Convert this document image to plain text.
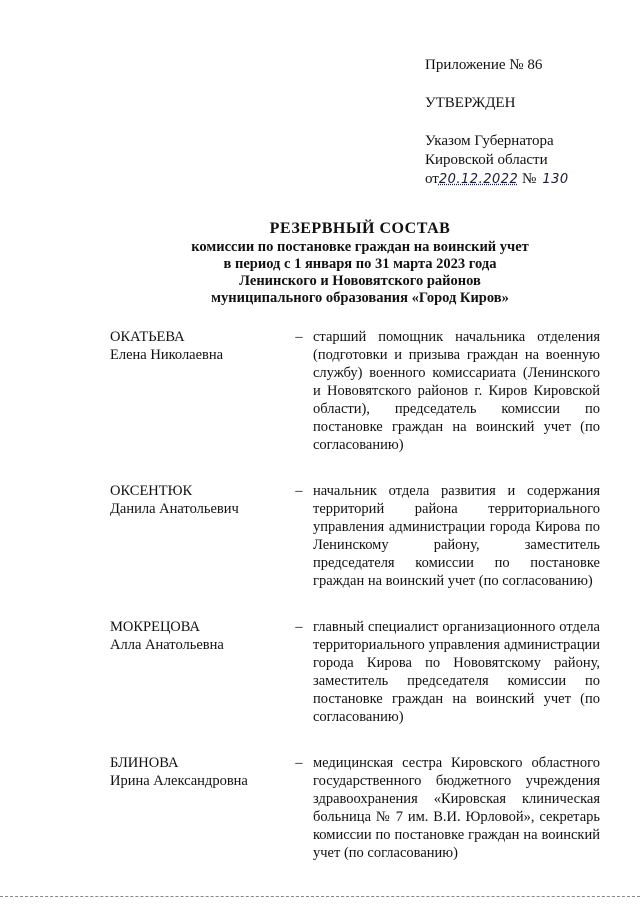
Приложение № 86
УТВЕРЖДЕН
Указом Губернатора
Кировской области
от20.12.2022 № 130
РЕЗЕРВНЫЙ СОСТАВ
комиссии по постановке граждан на воинский учет
в период с 1 января по 31 марта 2023 года
Ленинского и Нововятского районов
муниципального образования «Город Киров»
ОКАТЬЕВА
Елена Николаевна
– старший помощник начальника отделения (подготовки и призыва граждан на военную службу) военного комиссариата (Ленинского и Нововятского районов г. Киров Кировской области), председатель комиссии по постановке граждан на воинский учет (по согласованию)
ОКСЕНТЮК
Данила Анатольевич
– начальник отдела развития и содержания территорий района территориального управления администрации города Кирова по Ленинскому району, заместитель председателя комиссии по постановке граждан на воинский учет (по согласованию)
МОКРЕЦОВА
Алла Анатольевна
– главный специалист организационного отдела территориального управления администрации города Кирова по Нововятскому району, заместитель председателя комиссии по постановке граждан на воинский учет (по согласованию)
БЛИНОВА
Ирина Александровна
– медицинская сестра Кировского областного государственного бюджетного учреждения здравоохранения «Кировская клиническая больница № 7 им. В.И. Юрловой», секретарь комиссии по постановке граждан на воинский учет (по согласованию)
